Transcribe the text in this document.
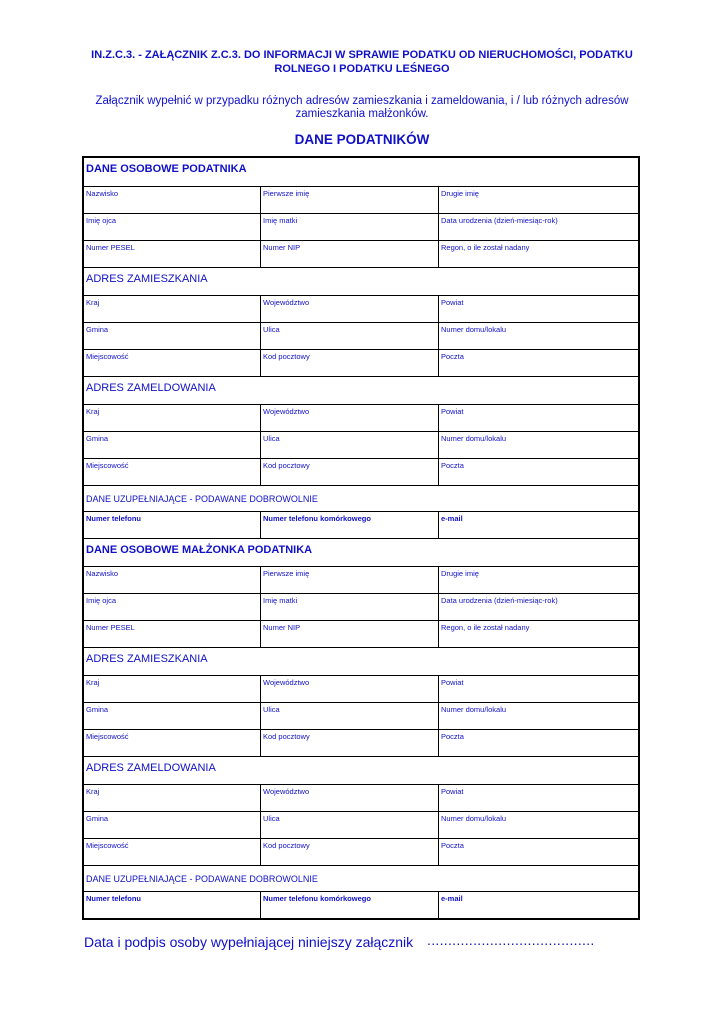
IN.Z.C.3. - ZAŁĄCZNIK Z.C.3. DO INFORMACJI W SPRAWIE PODATKU OD NIERUCHOMOŚCI, PODATKU
ROLNEGO I PODATKU LEŚNEGO
Załącznik wypełnić w przypadku różnych adresów zamieszkania i zameldowania, i / lub różnych adresów
zamieszkania małżonków.
DANE PODATNIKÓW
DANE OSOBOWE PODATNIKA
Nazwisko	Pierwsze imię	Drugie imię
Imię ojca	Imię matki	Data urodzenia (dzień-miesiąc-rok)
Numer PESEL	Numer NIP	Regon, o ile został nadany
ADRES ZAMIESZKANIA
Kraj	Województwo	Powiat
Gmina	Ulica	Numer domu/lokalu
Miejscowość	Kod pocztowy	Poczta
ADRES ZAMELDOWANIA
Kraj	Województwo	Powiat
Gmina	Ulica	Numer domu/lokalu
Miejscowość	Kod pocztowy	Poczta
DANE UZUPEŁNIAJĄCE - PODAWANE DOBROWOLNIE
Numer telefonu	Numer telefonu komórkowego	e-mail
DANE OSOBOWE MAŁŻONKA PODATNIKA
Nazwisko	Pierwsze imię	Drugie imię
Imię ojca	Imię matki	Data urodzenia (dzień-miesiąc-rok)
Numer PESEL	Numer NIP	Regon, o ile został nadany
ADRES ZAMIESZKANIA
Kraj	Województwo	Powiat
Gmina	Ulica	Numer domu/lokalu
Miejscowość	Kod pocztowy	Poczta
ADRES ZAMELDOWANIA
Kraj	Województwo	Powiat
Gmina	Ulica	Numer domu/lokalu
Miejscowość	Kod pocztowy	Poczta
DANE UZUPEŁNIAJĄCE - PODAWANE DOBROWOLNIE
Numer telefonu	Numer telefonu komórkowego	e-mail
Data i podpis osoby wypełniającej niniejszy załącznik ........................................
